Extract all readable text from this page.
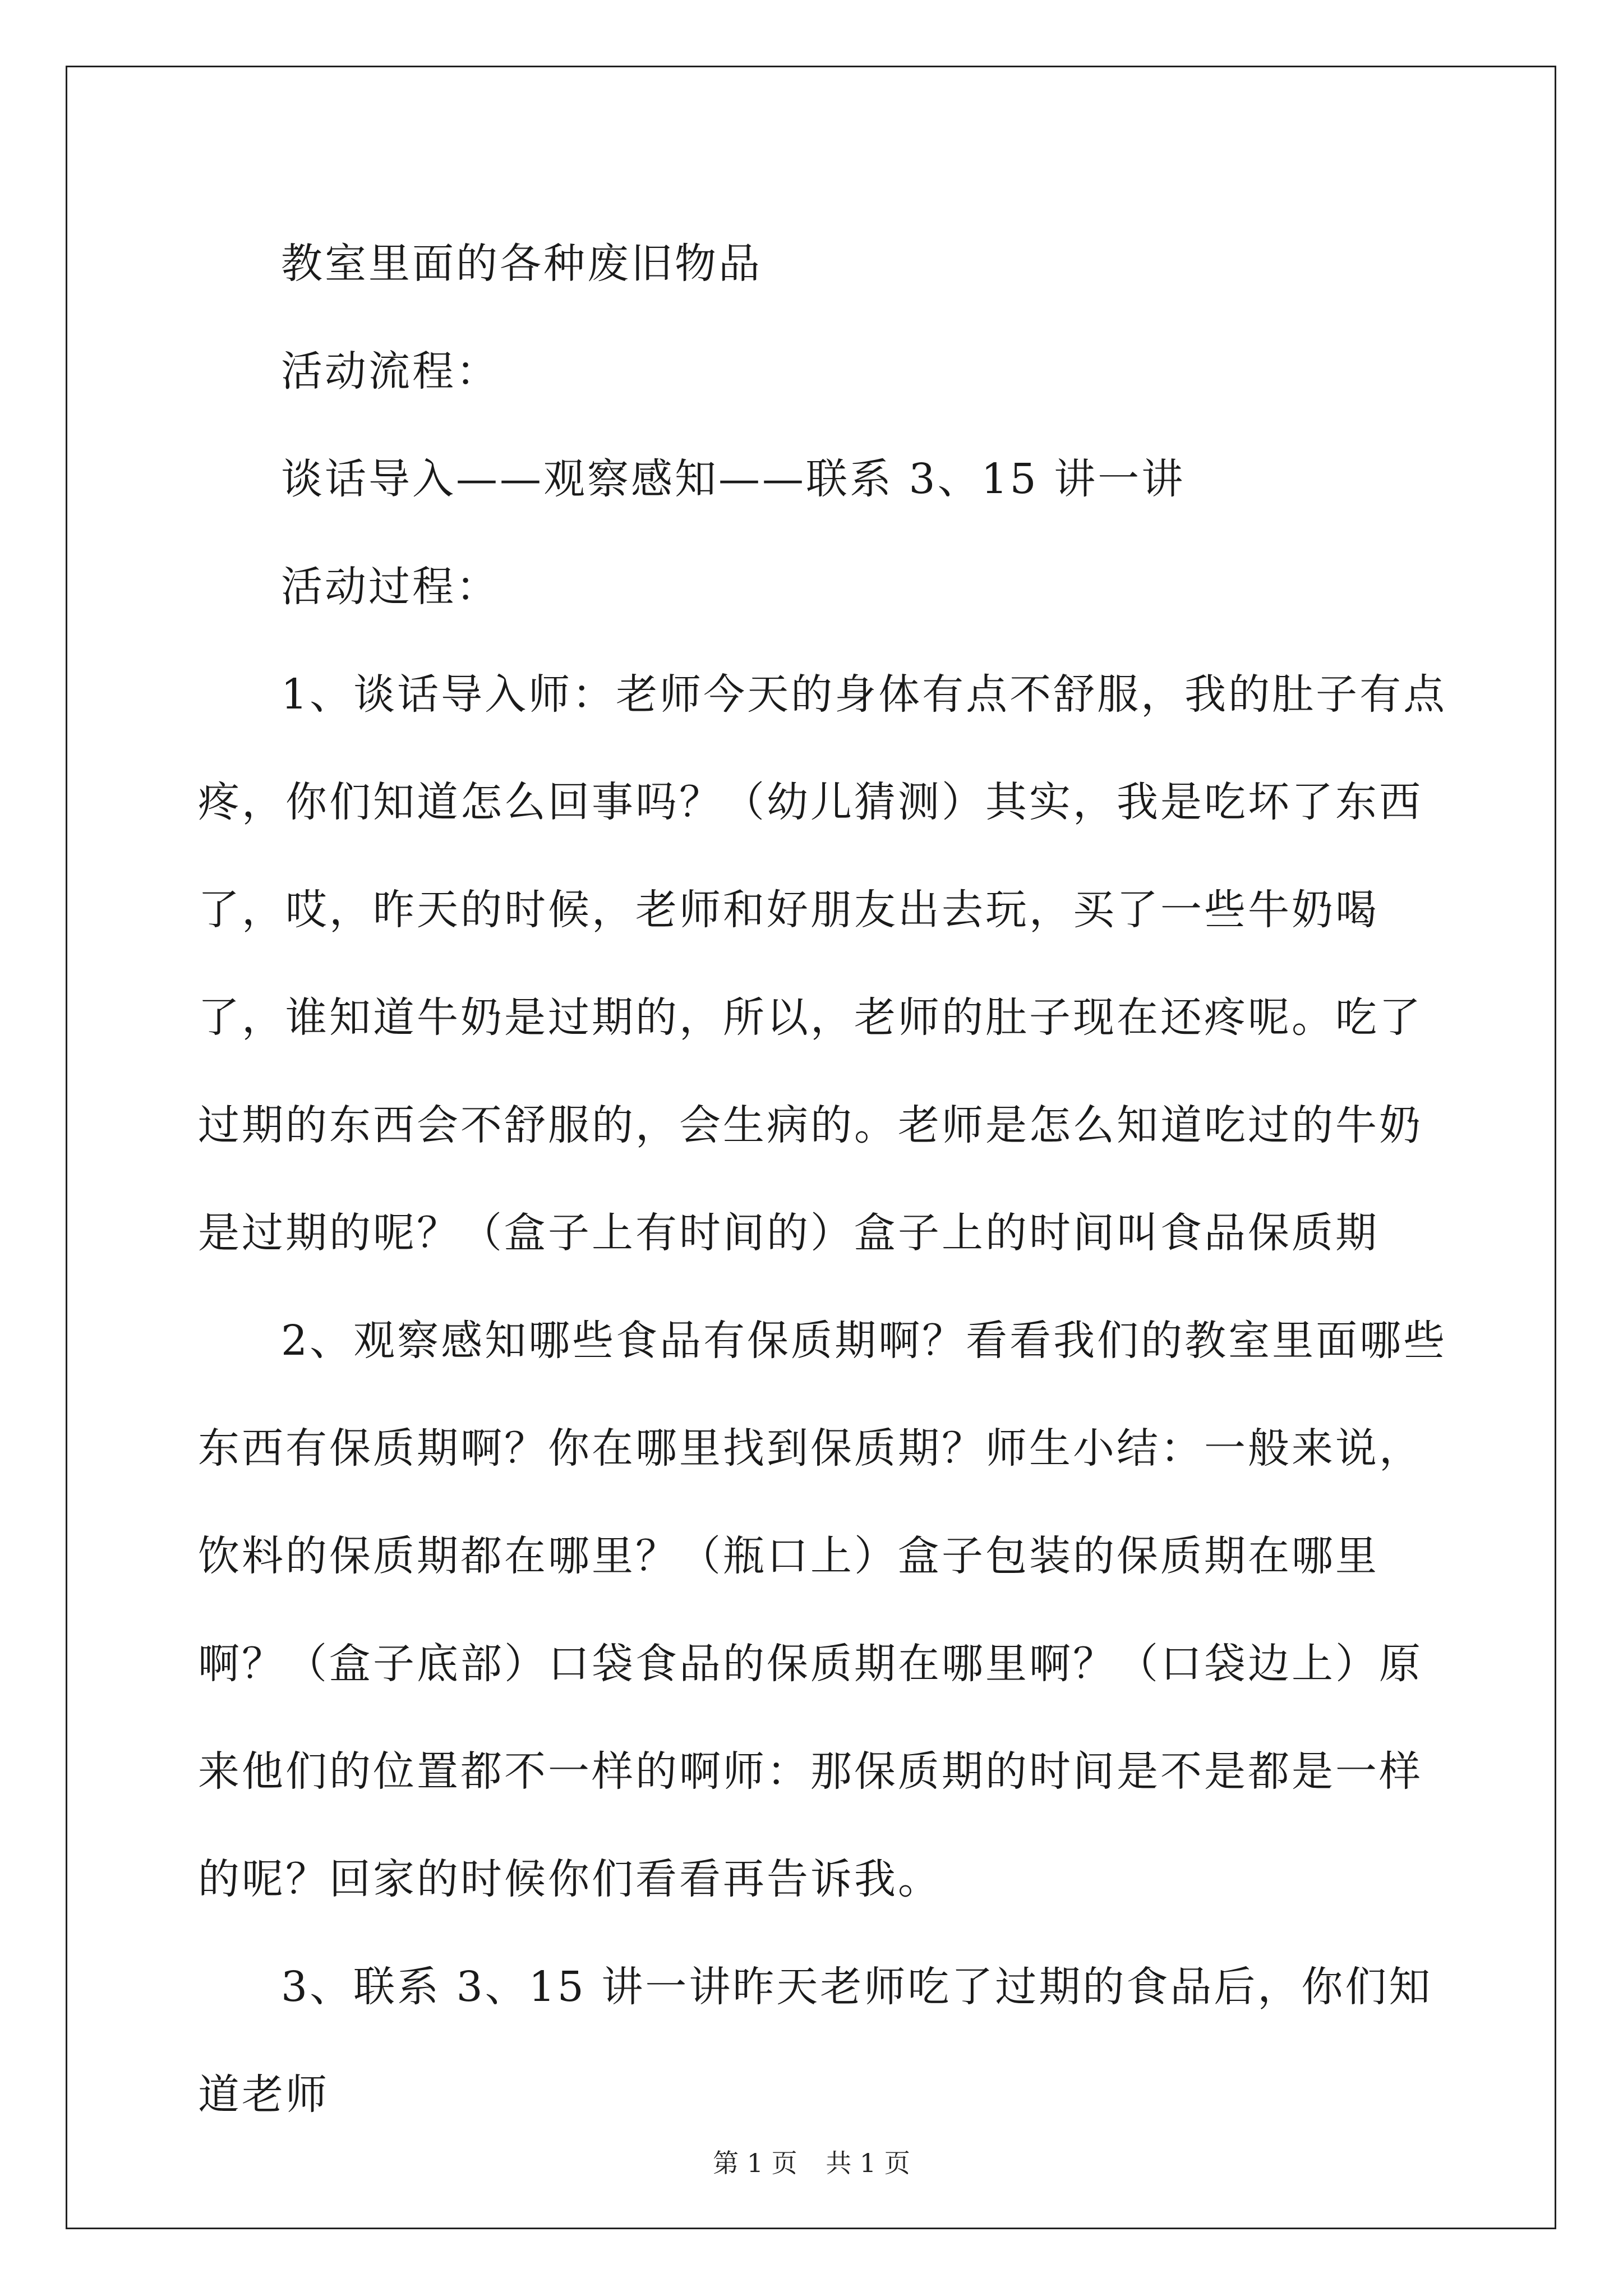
教室里面的各种废旧物品

活动流程：

谈话导入——观察感知——联系 3、15 讲一讲

活动过程：

1、谈话导入师：老师今天的身体有点不舒服，我的肚子有点疼，你们知道怎么回事吗？（幼儿猜测）其实，我是吃坏了东西了，哎，昨天的时候，老师和好朋友出去玩，买了一些牛奶喝了，谁知道牛奶是过期的，所以，老师的肚子现在还疼呢。吃了过期的东西会不舒服的，会生病的。老师是怎么知道吃过的牛奶是过期的呢？（盒子上有时间的）盒子上的时间叫食品保质期

2、观察感知哪些食品有保质期啊？看看我们的教室里面哪些东西有保质期啊？你在哪里找到保质期？师生小结：一般来说，饮料的保质期都在哪里？（瓶口上）盒子包装的保质期在哪里啊？（盒子底部）口袋食品的保质期在哪里啊？（口袋边上）原来他们的位置都不一样的啊师：那保质期的时间是不是都是一样的呢？回家的时候你们看看再告诉我。

3、联系 3、15 讲一讲昨天老师吃了过期的食品后，你们知道老师

第 1 页 共 1 页
